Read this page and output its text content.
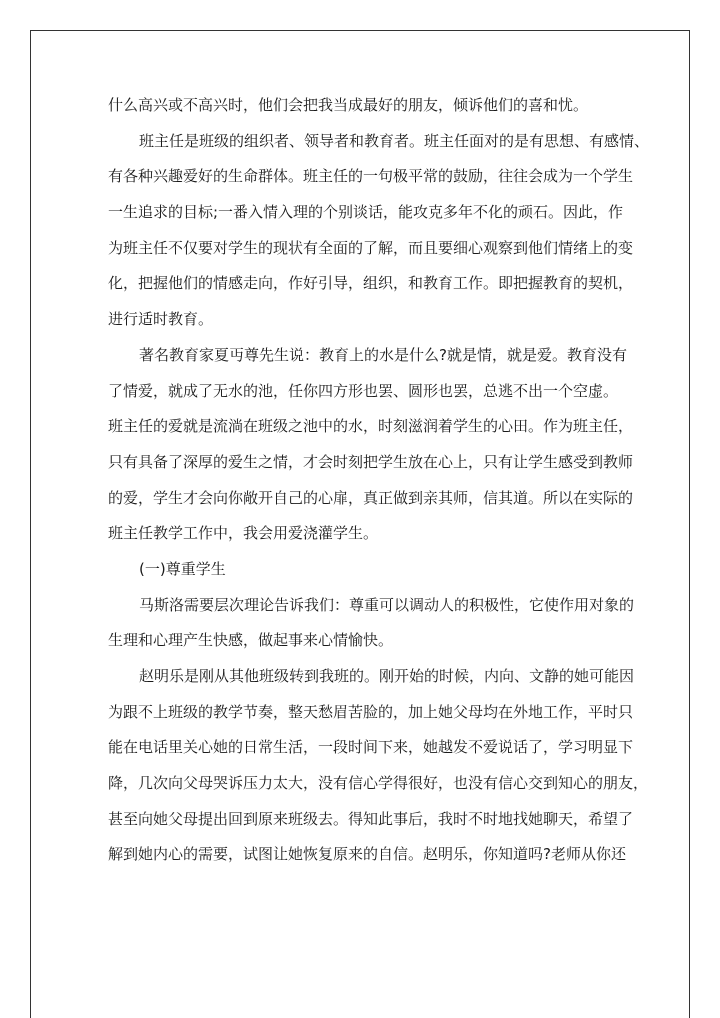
什么高兴或不高兴时，他们会把我当成最好的朋友，倾诉他们的喜和忧。
班主任是班级的组织者、领导者和教育者。班主任面对的是有思想、有感情、
有各种兴趣爱好的生命群体。班主任的一句极平常的鼓励，往往会成为一个学生
一生追求的目标;一番入情入理的个别谈话，能攻克多年不化的顽石。因此，作
为班主任不仅要对学生的现状有全面的了解，而且要细心观察到他们情绪上的变
化，把握他们的情感走向，作好引导，组织，和教育工作。即把握教育的契机，
进行适时教育。
著名教育家夏丏尊先生说：教育上的水是什么?就是情，就是爱。教育没有
了情爱，就成了无水的池，任你四方形也罢、圆形也罢，总逃不出一个空虚。
班主任的爱就是流淌在班级之池中的水，时刻滋润着学生的心田。作为班主任，
只有具备了深厚的爱生之情，才会时刻把学生放在心上，只有让学生感受到教师
的爱，学生才会向你敞开自己的心扉，真正做到亲其师，信其道。所以在实际的
班主任教学工作中，我会用爱浇灌学生。
(一)尊重学生
马斯洛需要层次理论告诉我们：尊重可以调动人的积极性，它使作用对象的
生理和心理产生快感，做起事来心情愉快。
赵明乐是刚从其他班级转到我班的。刚开始的时候，内向、文静的她可能因
为跟不上班级的教学节奏，整天愁眉苦脸的，加上她父母均在外地工作，平时只
能在电话里关心她的日常生活，一段时间下来，她越发不爱说话了，学习明显下
降，几次向父母哭诉压力太大，没有信心学得很好，也没有信心交到知心的朋友，
甚至向她父母提出回到原来班级去。得知此事后，我时不时地找她聊天，希望了
解到她内心的需要，试图让她恢复原来的自信。赵明乐，你知道吗?老师从你还
